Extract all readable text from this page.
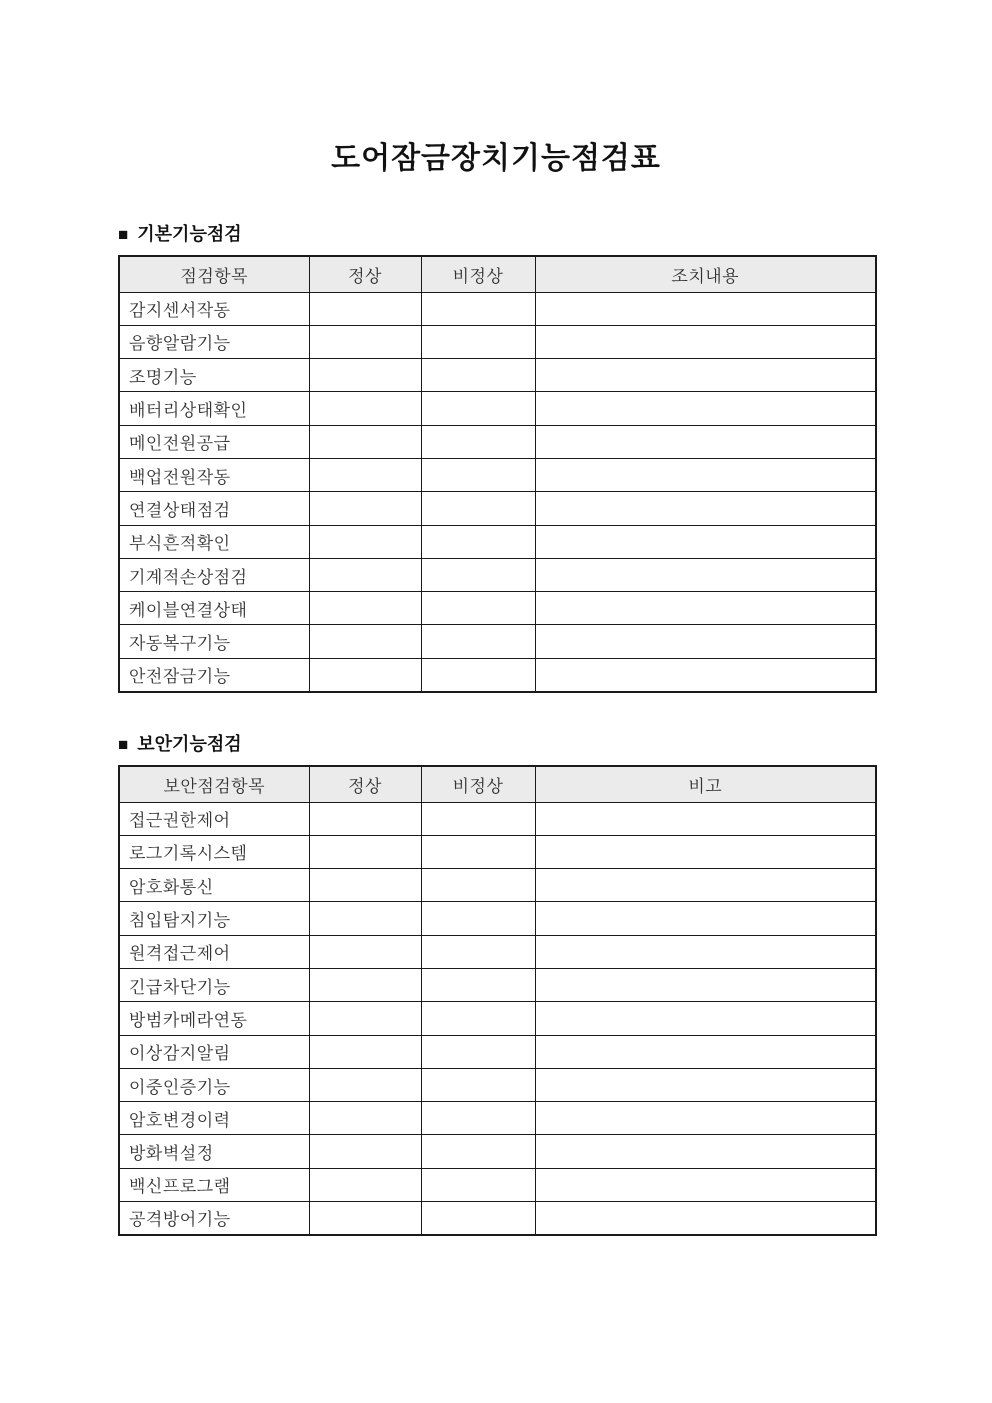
도어잠금장치기능점검표
■ 기본기능점검
점검항목	정상	비정상	조치내용
감지센서작동			
음향알람기능			
조명기능			
배터리상태확인			
메인전원공급			
백업전원작동			
연결상태점검			
부식흔적확인			
기계적손상점검			
케이블연결상태			
자동복구기능			
안전잠금기능			
■ 보안기능점검
보안점검항목	정상	비정상	비고
접근권한제어			
로그기록시스템			
암호화통신			
침입탐지기능			
원격접근제어			
긴급차단기능			
방범카메라연동			
이상감지알림			
이중인증기능			
암호변경이력			
방화벽설정			
백신프로그램			
공격방어기능			
